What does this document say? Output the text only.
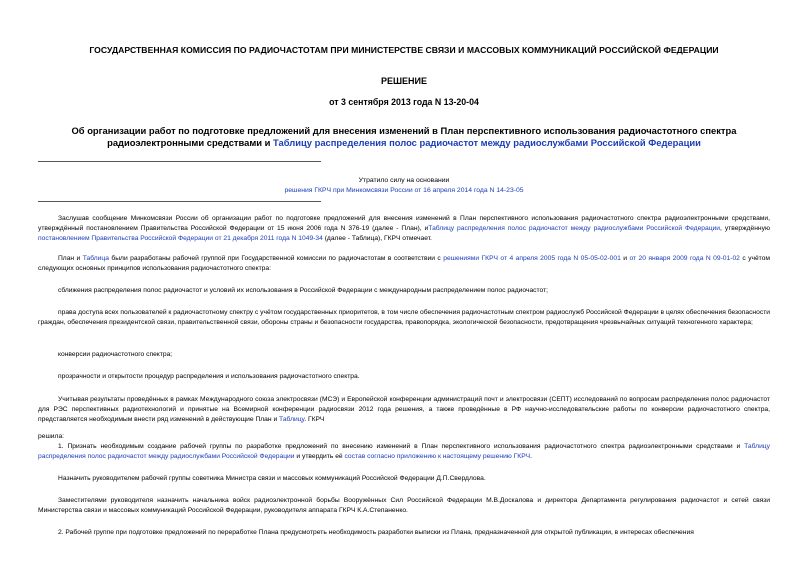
ГОСУДАРСТВЕННАЯ КОМИССИЯ ПО РАДИОЧАСТОТАМ ПРИ МИНИСТЕРСТВЕ СВЯЗИ И МАССОВЫХ КОММУНИКАЦИЙ РОССИЙСКОЙ ФЕДЕРАЦИИ
РЕШЕНИЕ
от 3 сентября 2013 года N 13-20-04
Об организации работ по подготовке предложений для внесения изменений в План перспективного использования радиочастотного спектра радиоэлектронными средствами и Таблицу распределения полос радиочастот между радиослужбами Российской Федерации
Утратило силу на основании
решения ГКРЧ при Минкомсвязи России от 16 апреля 2014 года N 14-23-05
Заслушав сообщение Минкомсвязи России об организации работ по подготовке предложений для внесения изменений в План перспективного использования радиочастотного спектра радиоэлектронными средствами, утверждённый постановлением Правительства Российской Федерации от 15 июня 2006 года N 376-19 (далее - План), иТаблицу распределения полос радиочастот между радиослужбами Российской Федерации, утверждённую постановлением Правительства Российской Федерации от 21 декабря 2011 года N 1049-34 (далее - Таблица), ГКРЧ отмечает.
План и Таблица были разработаны рабочей группой при Государственной комиссии по радиочастотам в соответствии с решениями ГКРЧ от 4 апреля 2005 года N 05-05-02-001 и от 20 января 2009 года N 09-01-02 с учётом следующих основных принципов использования радиочастотного спектра:
сближения распределения полос радиочастот и условий их использования в Российской Федерации с международным распределением полос радиочастот;
права доступа всех пользователей к радиочастотному спектру с учётом государственных приоритетов, в том числе обеспечения радиочастотным спектром радиослужб Российской Федерации в целях обеспечения безопасности граждан, обеспечения президентской связи, правительственной связи, обороны страны и безопасности государства, правопорядка, экологической безопасности, предотвращения чрезвычайных ситуаций техногенного характера;
конверсии радиочастотного спектра;
прозрачности и открытости процедур распределения и использования радиочастотного спектра.
Учитывая результаты проведённых в рамках Международного союза электросвязи (МСЭ) и Европейской конференции администраций почт и электросвязи (СЕПТ) исследований по вопросам распределения полос радиочастот для РЭС перспективных радиотехнологий и принятые на Всемирной конференции радиосвязи 2012 года решения, а также проведённые в РФ научно-исследовательские работы по конверсии радиочастотного спектра, представляется необходимым внести ряд изменений в действующие План и Таблицу. ГКРЧ
решила:
1. Признать необходимым создание рабочей группы по разработке предложений по внесению изменений в План перспективного использования радиочастотного спектра радиоэлектронными средствами и Таблицу распределения полос радиочастот между радиослужбами Российской Федерации и утвердить её состав согласно приложению к настоящему решению ГКРЧ.
Назначить руководителем рабочей группы советника Министра связи и массовых коммуникаций Российской Федерации Д.П.Свердлова.
Заместителями руководителя назначить начальника войск радиоэлектронной борьбы Вооружённых Сил Российской Федерации М.В.Доскалова и директора Департамента регулирования радиочастот и сетей связи Министерства связи и массовых коммуникаций Российской Федерации, руководителя аппарата ГКРЧ К.А.Степаненко.
2. Рабочей группе при подготовке предложений по переработке Плана предусмотреть необходимость разработки выписки из Плана, предназначенной для открытой публикации, в интересах обеспечения
